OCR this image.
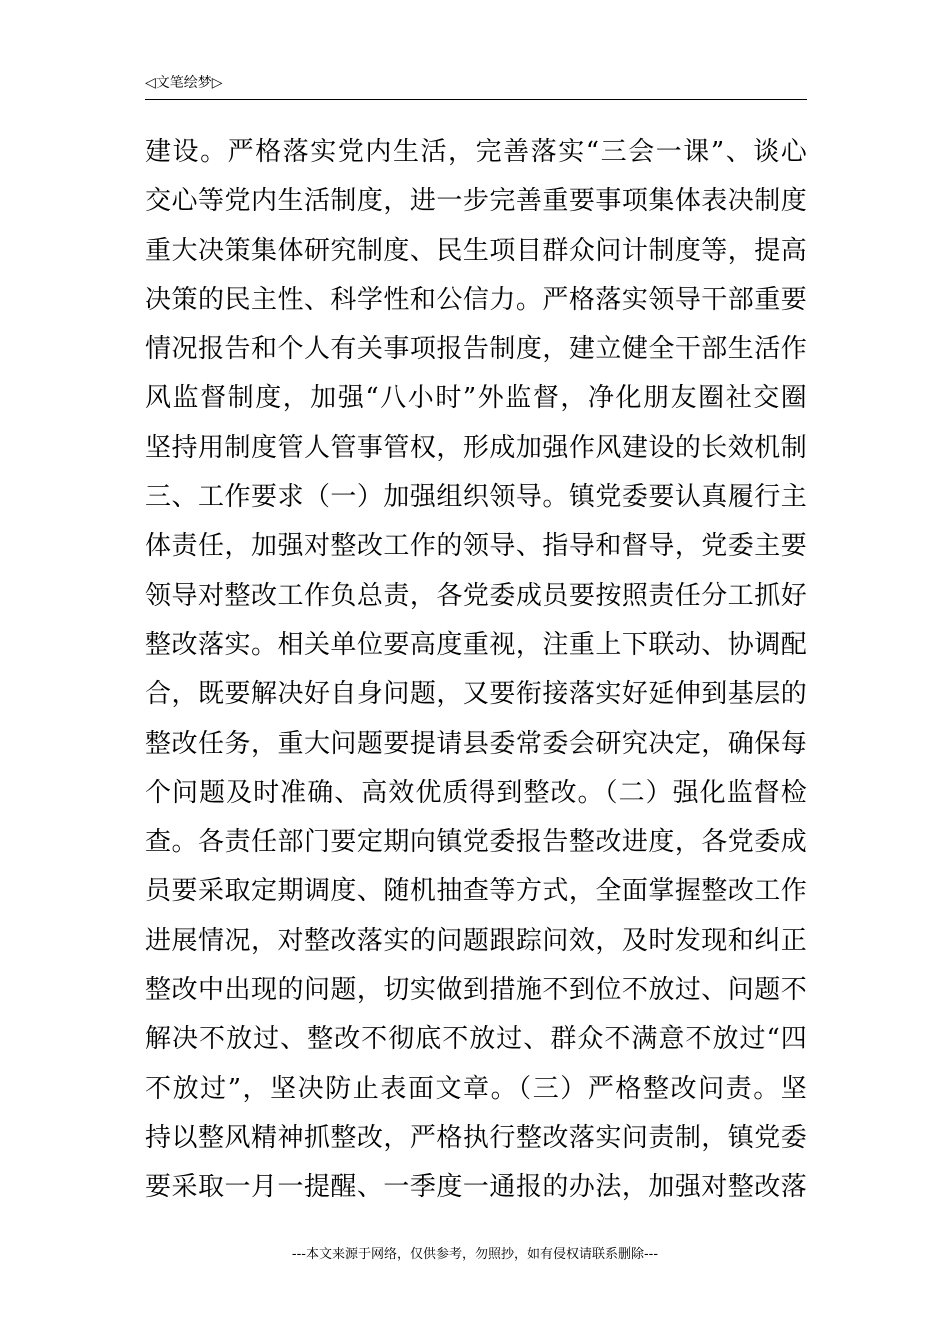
◁文笔绘梦▷
建设。严格落实党内生活，完善落实“三会一课”、谈心
交心等党内生活制度，进一步完善重要事项集体表决制度
重大决策集体研究制度、民生项目群众问计制度等，提高
决策的民主性、科学性和公信力。严格落实领导干部重要
情况报告和个人有关事项报告制度，建立健全干部生活作
风监督制度，加强“八小时”外监督，净化朋友圈社交圈
坚持用制度管人管事管权，形成加强作风建设的长效机制
三、工作要求（一）加强组织领导。镇党委要认真履行主
体责任，加强对整改工作的领导、指导和督导，党委主要
领导对整改工作负总责，各党委成员要按照责任分工抓好
整改落实。相关单位要高度重视，注重上下联动、协调配
合，既要解决好自身问题，又要衔接落实好延伸到基层的
整改任务，重大问题要提请县委常委会研究决定，确保每
个问题及时准确、高效优质得到整改。（二）强化监督检
查。各责任部门要定期向镇党委报告整改进度，各党委成
员要采取定期调度、随机抽查等方式，全面掌握整改工作
进展情况，对整改落实的问题跟踪问效，及时发现和纠正
整改中出现的问题，切实做到措施不到位不放过、问题不
解决不放过、整改不彻底不放过、群众不满意不放过“四
不放过”，坚决防止表面文章。（三）严格整改问责。坚
持以整风精神抓整改，严格执行整改落实问责制，镇党委
要采取一月一提醒、一季度一通报的办法，加强对整改落
---本文来源于网络，仅供参考，勿照抄，如有侵权请联系删除---
